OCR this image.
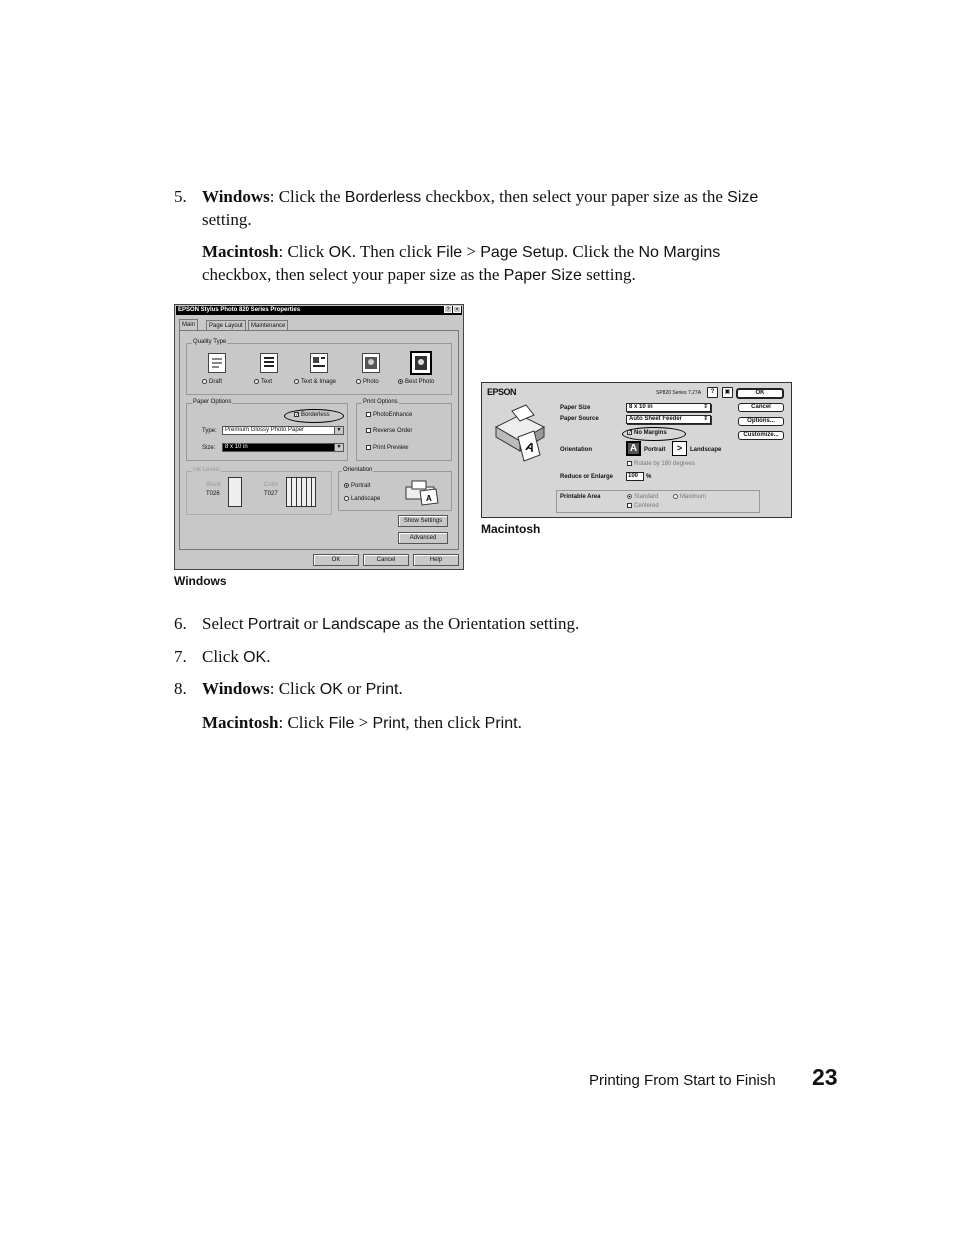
5. Windows: Click the Borderless checkbox, then select your paper size as the Size
setting.
Macintosh: Click OK. Then click File > Page Setup. Click the No Margins
checkbox, then select your paper size as the Paper Size setting.
EPSON Stylus Photo 820 Series Properties	? ×
Main	Page Layout	Maintenance
Quality Type
Draft	Text	Text & Image	Photo	Best Photo
Paper Options
✓ Borderless
Type:	Premium Glossy Photo Paper	▼
Size:	8 x 10 in	▼
Print Options
PhotoEnhance
Reverse Order
Print Preview
Ink Levels
Black
T026
Color
T027
Orientation
Portrait
Landscape	A
Show Settings
Advanced
OK	Cancel	Help
Windows
EPSON
A
SP820 Series 7.27A	?	▣	OK
Cancel
Options...
Customize...
Paper Size	8 x 10 in	⇕
Paper Source	Auto Sheet Feeder	⇕
✓ No Margins
Orientation	A	Portrait	>	Landscape
Rotate by 180 degrees
Reduce or Enlarge	100	%
Printable Area	Standard	Maximum
Centered
Macintosh
6. Select Portrait or Landscape as the Orientation setting.
7. Click OK.
8. Windows: Click OK or Print.
Macintosh: Click File > Print, then click Print.
Printing From Start to Finish 23
